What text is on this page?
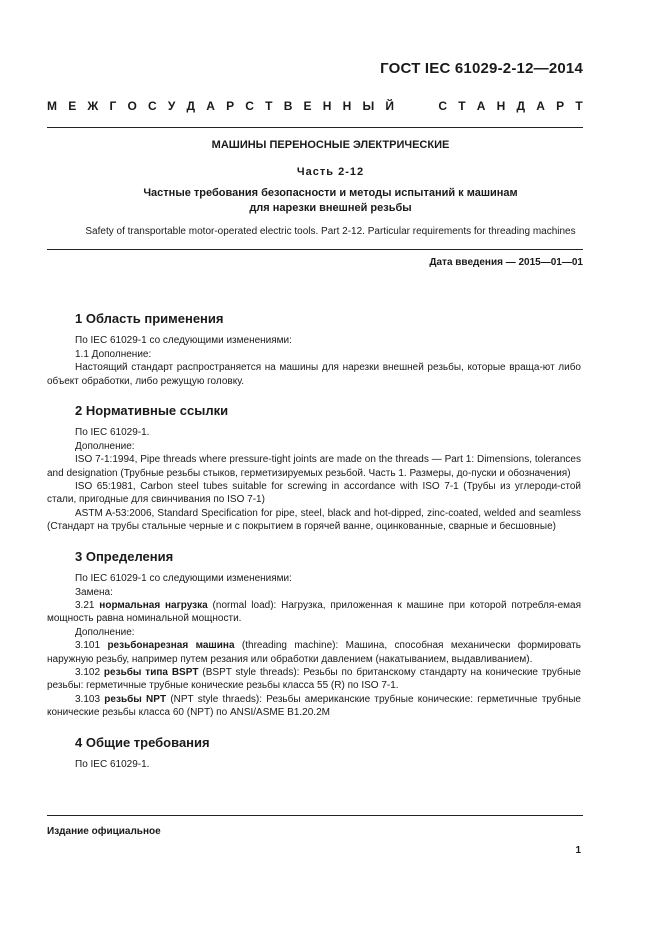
ГОСТ IEC 61029-2-12—2014
М Е Ж Г О С У Д А Р С Т В Е Н Н Ы Й	С Т А Н Д А Р Т
МАШИНЫ ПЕРЕНОСНЫЕ ЭЛЕКТРИЧЕСКИЕ
Часть 2-12
Частные требования безопасности и методы испытаний к машинам
для нарезки внешней резьбы
Safety of transportable motor-operated electric tools. Part 2-12. Particular requirements for threading machines
Дата введения — 2015—01—01
1 Область применения
По IEC 61029-1 со следующими изменениями:
1.1 Дополнение:
Настоящий стандарт распространяется на машины для нарезки внешней резьбы, которые враща-ют либо объект обработки, либо режущую головку.
2 Нормативные ссылки
По IEC 61029-1.
Дополнение:
ISO 7-1:1994, Pipe threads where pressure-tight joints are made on the threads — Part 1: Dimensions, tolerances and designation (Трубные резьбы стыков, герметизируемых резьбой. Часть 1. Размеры, до-пуски и обозначения)
ISO 65:1981, Carbon steel tubes suitable for screwing in accordance with ISO 7-1 (Трубы из углероди-стой стали, пригодные для свинчивания по ISO 7-1)
ASTM A-53:2006, Standard Specification for pipe, steel, black and hot-dipped, zinc-coated, welded and seamless (Стандарт на трубы стальные черные и с покрытием в горячей ванне, оцинкованные, сварные и бесшовные)
3 Определения
По IEC 61029-1 со следующими изменениями:
Замена:
3.21 нормальная нагрузка (normal load): Нагрузка, приложенная к машине при которой потребля-емая мощность равна номинальной мощности.
Дополнение:
3.101 резьбонарезная машина (threading machine): Машина, способная механически формировать наружную резьбу, например путем резания или обработки давлением (накатыванием, выдавливанием).
3.102 резьбы типа BSPT (BSPT style threads): Резьбы по британскому стандарту на конические трубные резьбы: герметичные трубные конические резьбы класса 55 (R) по ISO 7-1.
3.103 резьбы NPT (NPT style thraeds): Резьбы американские трубные конические: герметичные трубные конические резьбы класса 60 (NPT) по ANSI/ASME B1.20.2M
4 Общие требования
По IEC 61029-1.
Издание официальное
1
